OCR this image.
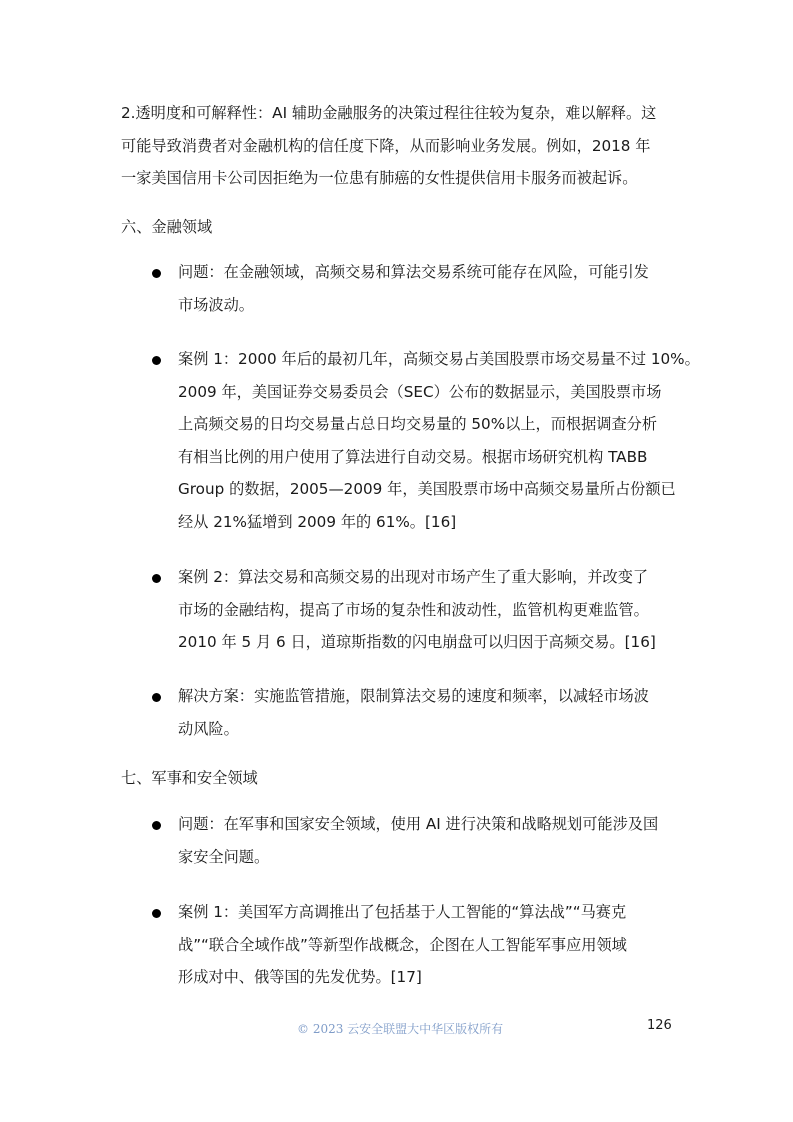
2.透明度和可解释性：AI 辅助金融服务的决策过程往往较为复杂，难以解释。这
可能导致消费者对金融机构的信任度下降，从而影响业务发展。例如，2018 年
一家美国信用卡公司因拒绝为一位患有肺癌的女性提供信用卡服务而被起诉。
六、金融领域
问题：在金融领域，高频交易和算法交易系统可能存在风险，可能引发
市场波动。
案例 1：2000 年后的最初几年，高频交易占美国股票市场交易量不过 10%。
2009 年，美国证券交易委员会（SEC）公布的数据显示，美国股票市场
上高频交易的日均交易量占总日均交易量的 50%以上，而根据调查分析
有相当比例的用户使用了算法进行自动交易。根据市场研究机构 TABB
Group 的数据，2005—2009 年，美国股票市场中高频交易量所占份额已
经从 21%猛增到 2009 年的 61%。[16]
案例 2：算法交易和高频交易的出现对市场产生了重大影响，并改变了
市场的金融结构，提高了市场的复杂性和波动性，监管机构更难监管。
2010 年 5 月 6 日，道琼斯指数的闪电崩盘可以归因于高频交易。[16]
解决方案：实施监管措施，限制算法交易的速度和频率，以减轻市场波
动风险。
七、军事和安全领域
问题：在军事和国家安全领域，使用 AI 进行决策和战略规划可能涉及国
家安全问题。
案例 1：美国军方高调推出了包括基于人工智能的“算法战”“马赛克
战”“联合全域作战”等新型作战概念，企图在人工智能军事应用领域
形成对中、俄等国的先发优势。[17]
© 2023 云安全联盟大中华区版权所有	126
